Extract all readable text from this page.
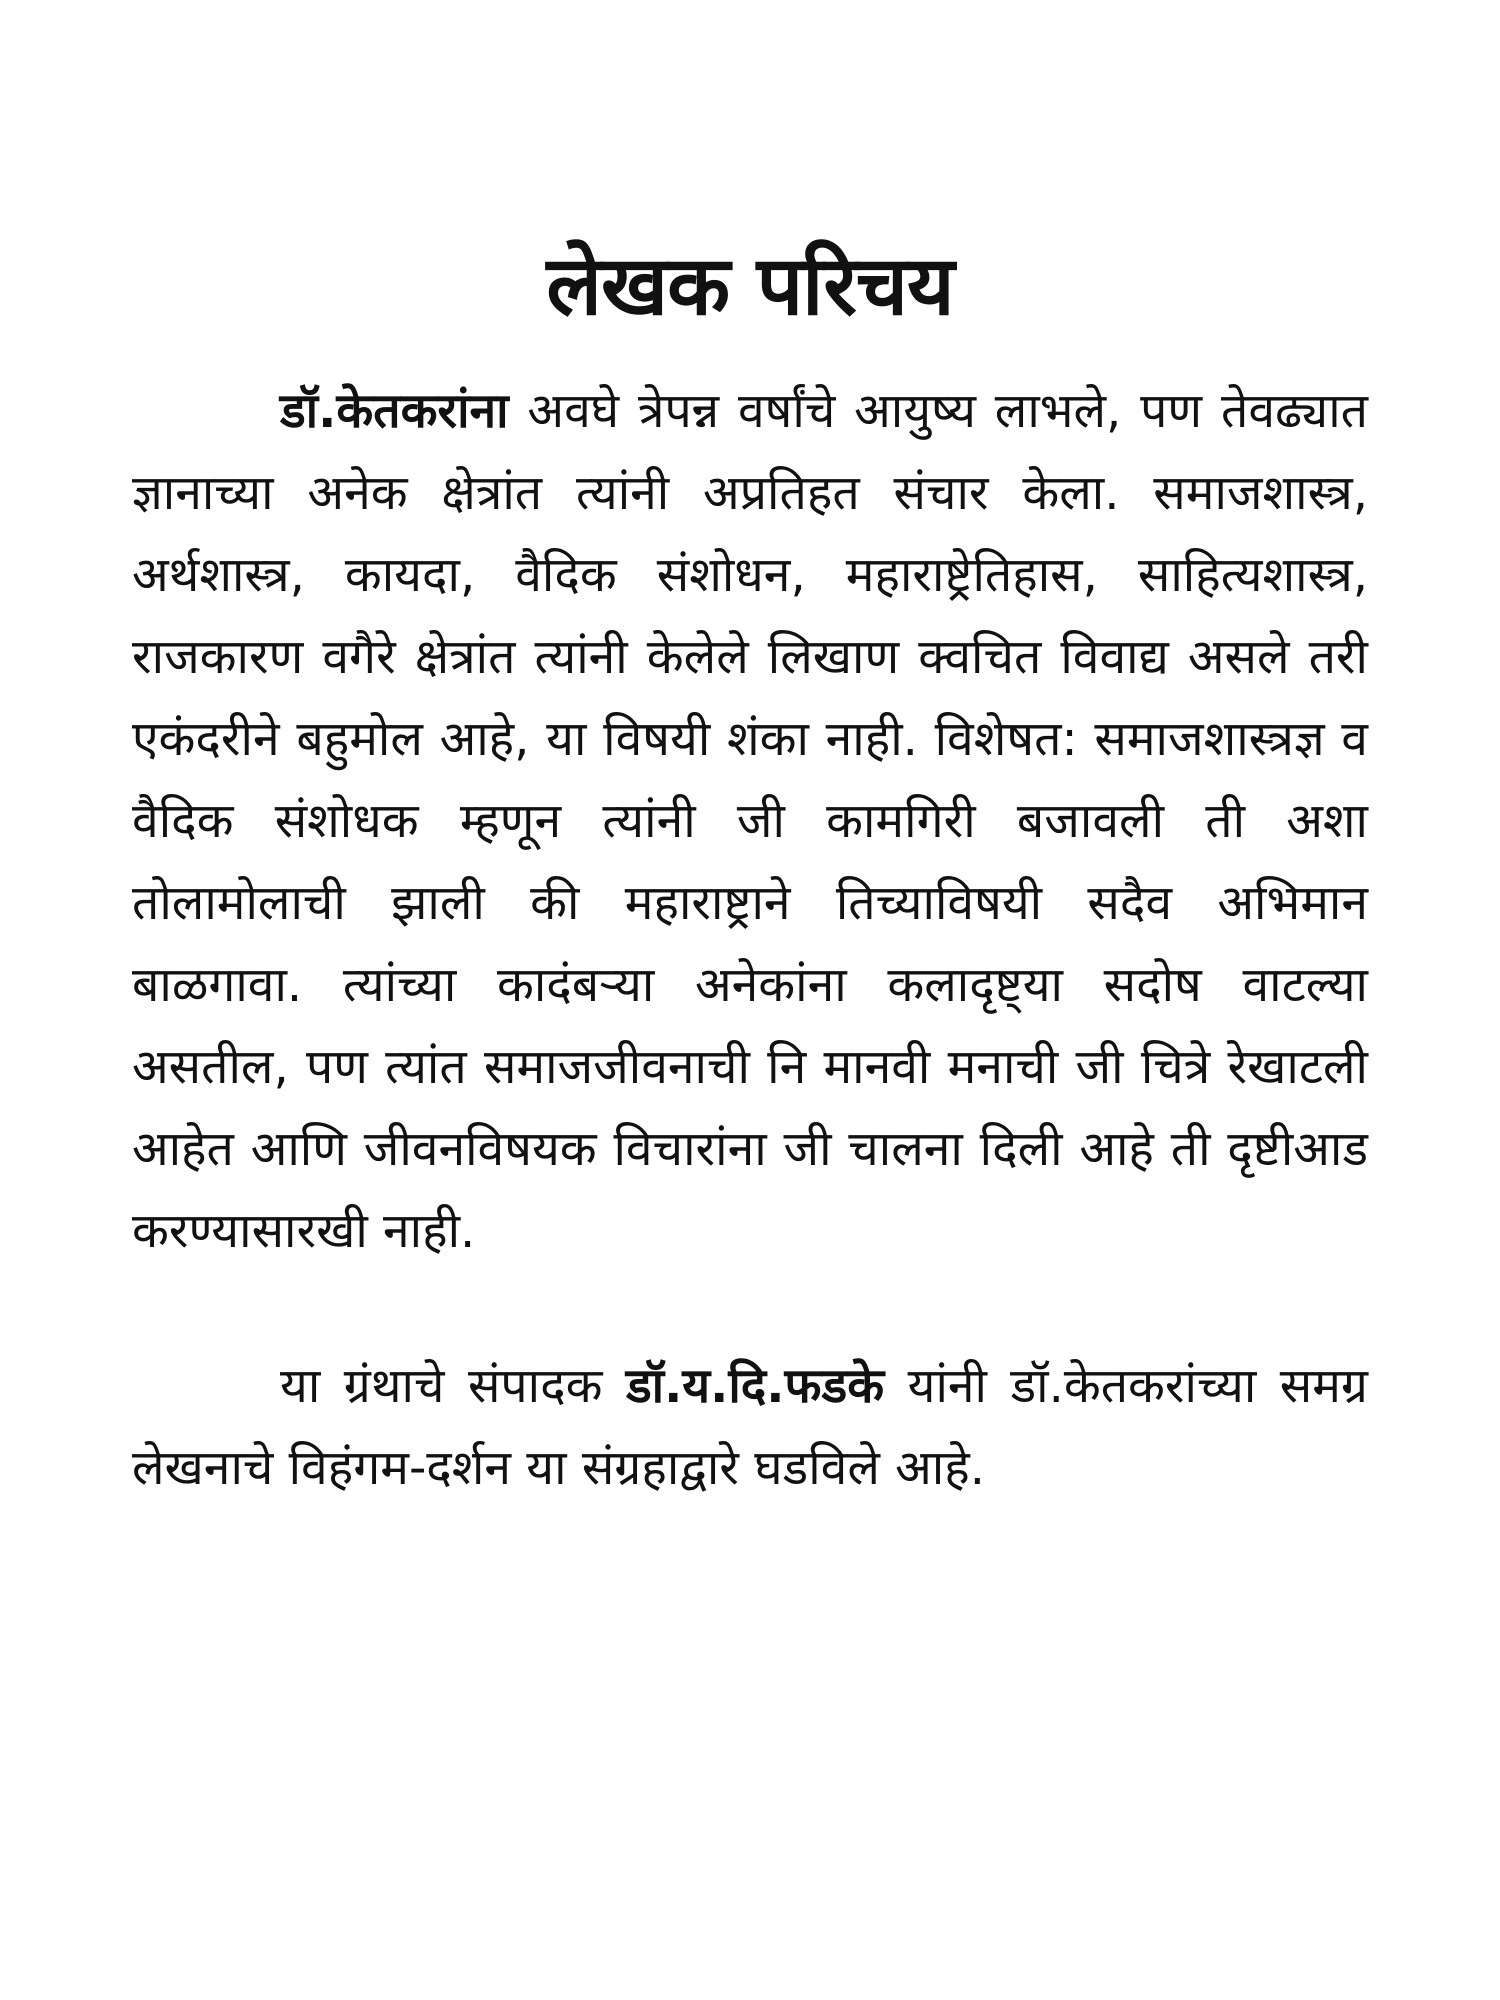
लेखक परिचय

डॉ.केतकरांना अवघे त्रेपन्न वर्षांचे आयुष्य लाभले, पण तेवढ्यात ज्ञानाच्या अनेक क्षेत्रांत त्यांनी अप्रतिहत संचार केला. समाजशास्त्र, अर्थशास्त्र, कायदा, वैदिक संशोधन, महाराष्ट्रेतिहास, साहित्यशास्त्र, राजकारण वगैरे क्षेत्रांत त्यांनी केलेले लिखाण क्वचित विवाद्य असले तरी एकंदरीने बहुमोल आहे, या विषयी शंका नाही. विशेषत: समाजशास्त्रज्ञ व वैदिक संशोधक म्हणून त्यांनी जी कामगिरी बजावली ती अशा तोलामोलाची झाली की महाराष्ट्राने तिच्याविषयी सदैव अभिमान बाळगावा. त्यांच्या कादंबऱ्या अनेकांना कलादृष्ट्या सदोष वाटल्या असतील, पण त्यांत समाजजीवनाची नि मानवी मनाची जी चित्रे रेखाटली आहेत आणि जीवनविषयक विचारांना जी चालना दिली आहे ती दृष्टीआड करण्यासारखी नाही.

या ग्रंथाचे संपादक डॉ.य.दि.फडके यांनी डॉ.केतकरांच्या समग्र लेखनाचे विहंगम-दर्शन या संग्रहाद्वारे घडविले आहे.
